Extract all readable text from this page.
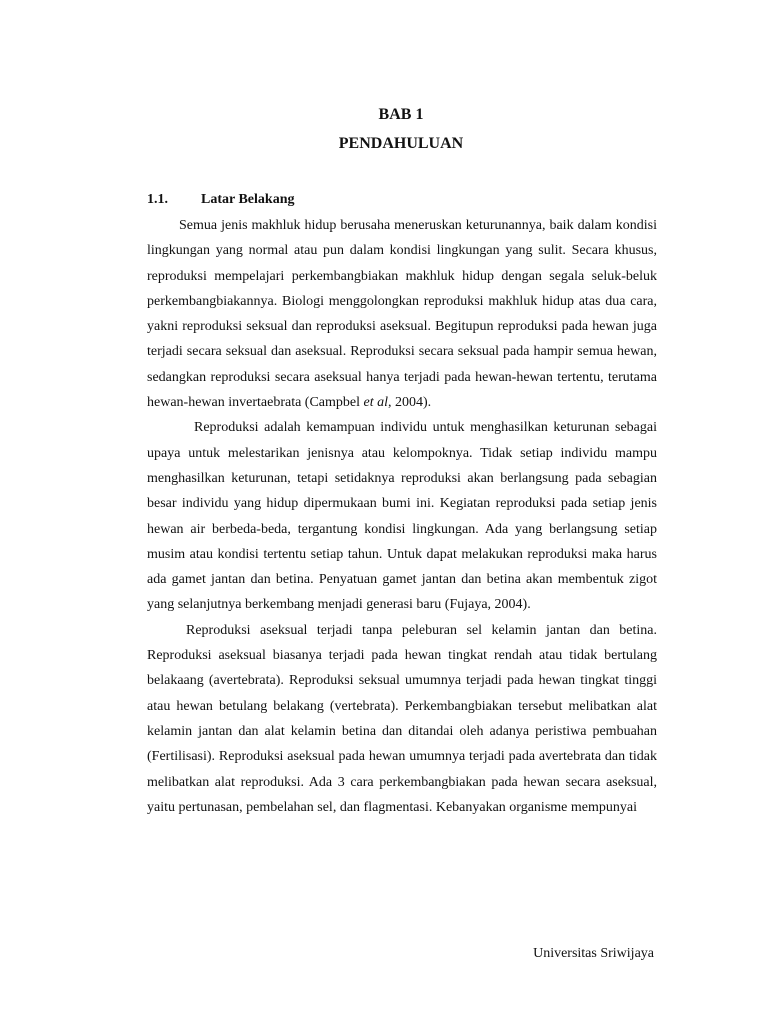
BAB 1
PENDAHULUAN
1.1. Latar Belakang

Semua jenis makhluk hidup berusaha meneruskan keturunannya, baik dalam kondisi lingkungan yang normal atau pun dalam kondisi lingkungan yang sulit. Secara khusus, reproduksi mempelajari perkembangbiakan makhluk hidup dengan segala seluk-beluk perkembangbiakannya. Biologi menggolongkan reproduksi makhluk hidup atas dua cara, yakni reproduksi seksual dan reproduksi aseksual. Begitupun reproduksi pada hewan juga terjadi secara seksual dan aseksual. Reproduksi secara seksual pada hampir semua hewan, sedangkan reproduksi secara aseksual hanya terjadi pada hewan-hewan tertentu, terutama hewan-hewan invertaebrata (Campbel et al, 2004).

Reproduksi adalah kemampuan individu untuk menghasilkan keturunan sebagai upaya untuk melestarikan jenisnya atau kelompoknya. Tidak setiap individu mampu menghasilkan keturunan, tetapi setidaknya reproduksi akan berlangsung pada sebagian besar individu yang hidup dipermukaan bumi ini. Kegiatan reproduksi pada setiap jenis hewan air berbeda-beda, tergantung kondisi lingkungan. Ada yang berlangsung setiap musim atau kondisi tertentu setiap tahun. Untuk dapat melakukan reproduksi maka harus ada gamet jantan dan betina. Penyatuan gamet jantan dan betina akan membentuk zigot yang selanjutnya berkembang menjadi generasi baru (Fujaya, 2004).

Reproduksi aseksual terjadi tanpa peleburan sel kelamin jantan dan betina. Reproduksi aseksual biasanya terjadi pada hewan tingkat rendah atau tidak bertulang belakaang (avertebrata). Reproduksi seksual umumnya terjadi pada hewan tingkat tinggi atau hewan betulang belakang (vertebrata). Perkembangbiakan tersebut melibatkan alat kelamin jantan dan alat kelamin betina dan ditandai oleh adanya peristiwa pembuahan (Fertilisasi). Reproduksi aseksual pada hewan umumnya terjadi pada avertebrata dan tidak melibatkan alat reproduksi. Ada 3 cara perkembangbiakan pada hewan secara aseksual, yaitu pertunasan, pembelahan sel, dan flagmentasi. Kebanyakan organisme mempunyai

Universitas Sriwijaya
